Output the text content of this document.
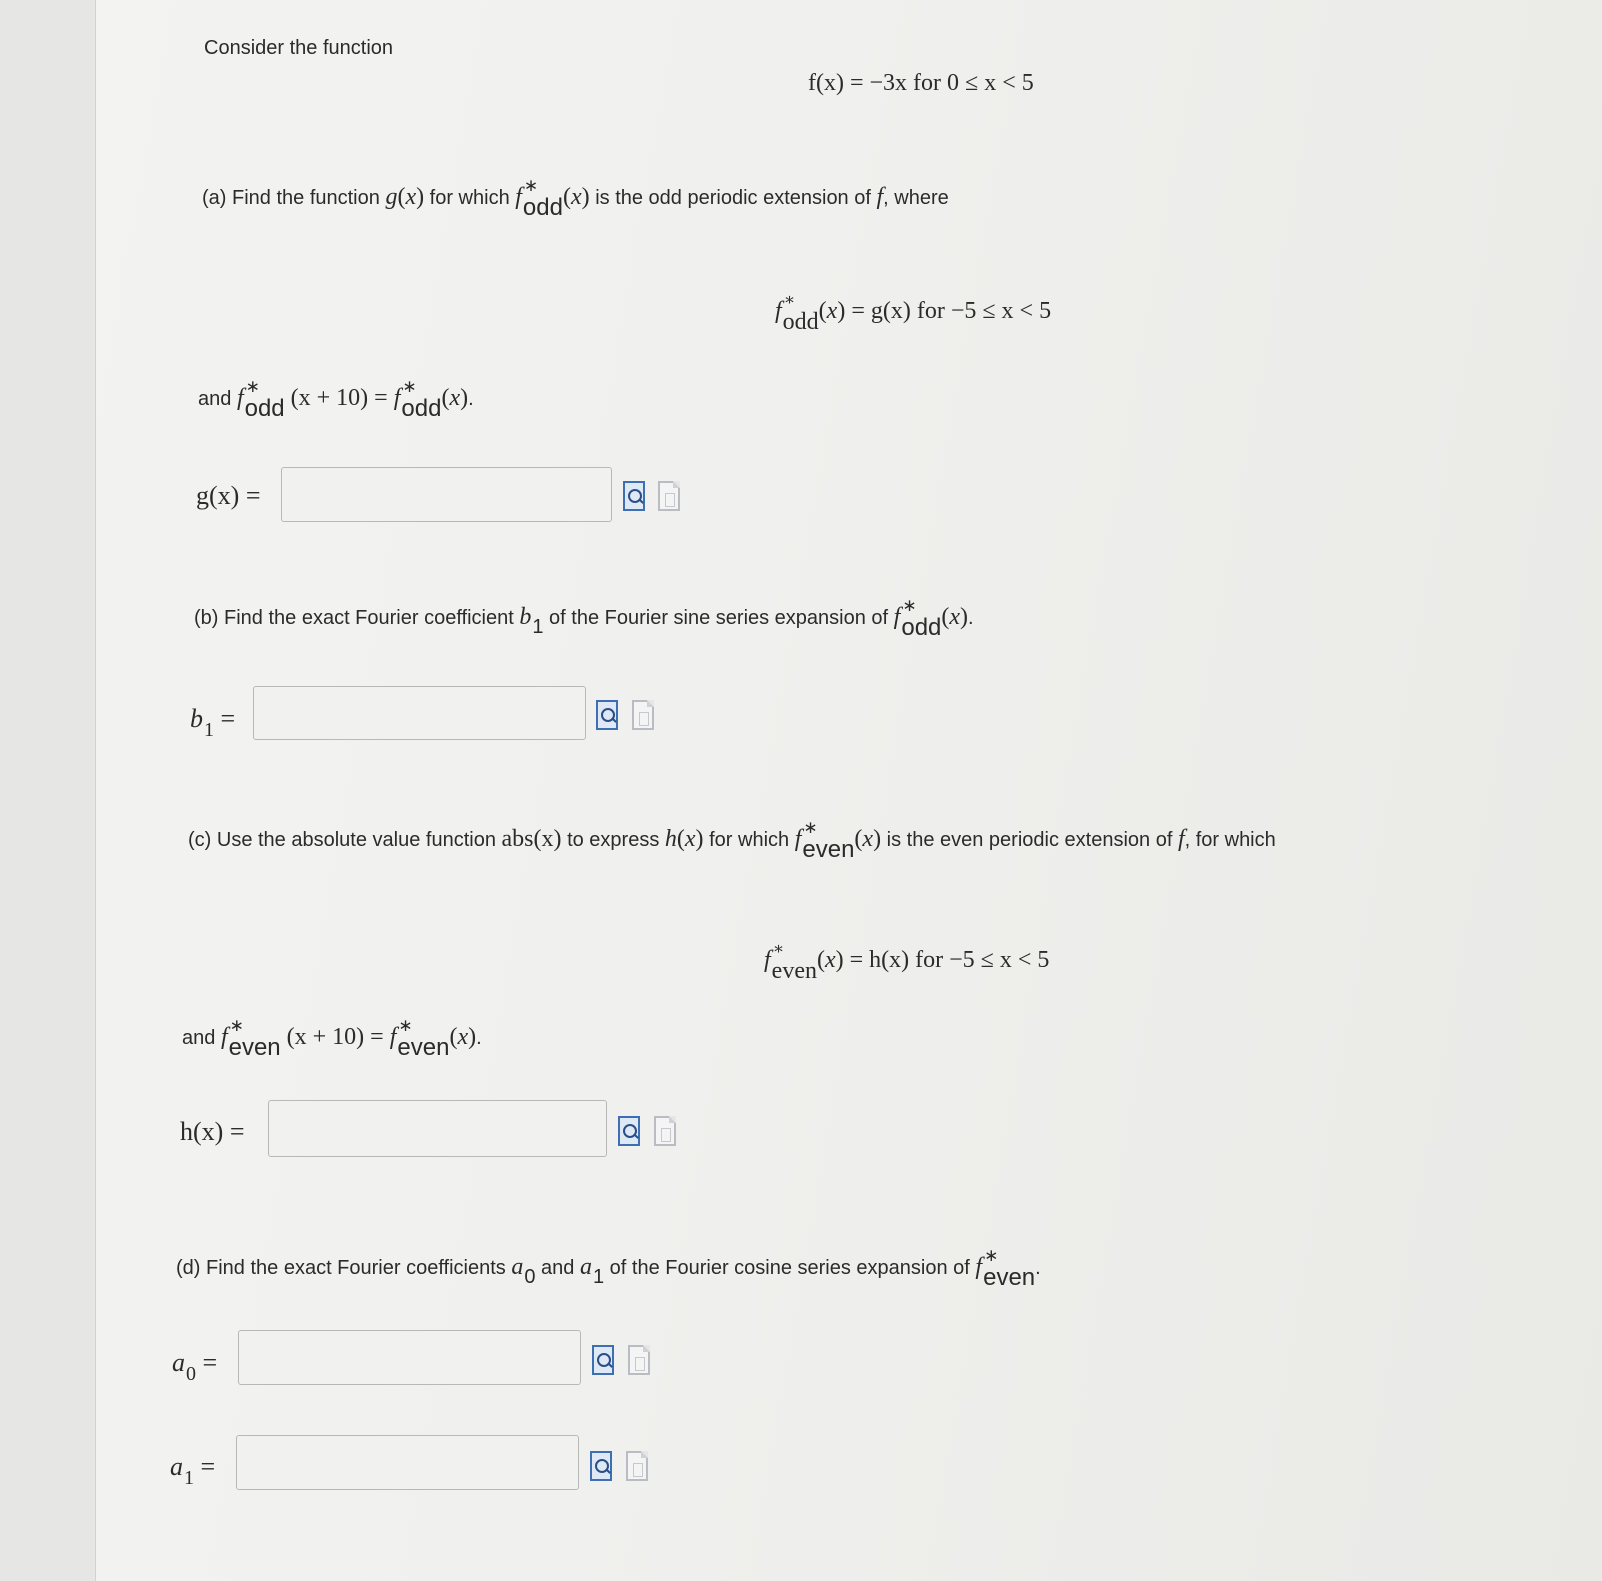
Consider the function
f(x) = −3x for 0 ≤ x < 5
(a) Find the function g(x) for which f ∗
odd(x) is the odd periodic extension of f, where
f ∗
odd(x) = g(x) for −5 ≤ x < 5
and f ∗
odd (x + 10) = f ∗
odd(x).
g(x) =
(b) Find the exact Fourier coefficient b1 of the Fourier sine series expansion of f ∗
odd(x).
$b_1$ =
(c) Use the absolute value function abs(x) to express h(x) for which f ∗
even(x) is the even periodic extension of f, for which
f ∗
even(x) = h(x) for −5 ≤ x < 5
and f ∗
even (x + 10) = f ∗
even(x).
h(x) =
(d) Find the exact Fourier coefficients a0 and a1 of the Fourier cosine series expansion of f ∗
even.
$a_0$ =
$a_1$ =
